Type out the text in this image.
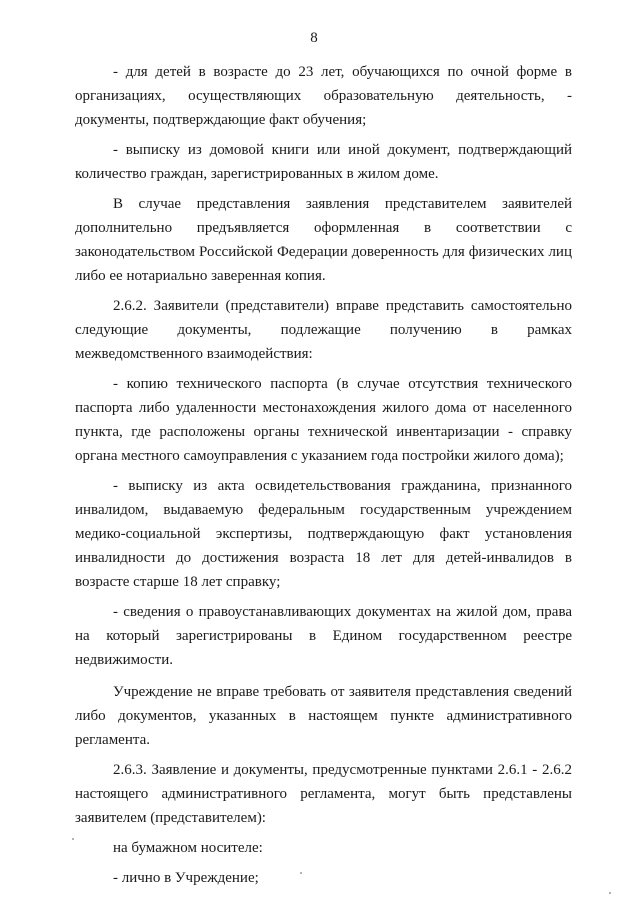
8

- для детей в возрасте до 23 лет, обучающихся по очной форме в организациях, осуществляющих образовательную деятельность, - документы, подтверждающие факт обучения;

- выписку из домовой книги или иной документ, подтверждающий количество граждан, зарегистрированных в жилом доме.

В случае представления заявления представителем заявителей дополнительно предъявляется оформленная в соответствии с законодательством Российской Федерации доверенность для физических лиц либо ее нотариально заверенная копия.

2.6.2. Заявители (представители) вправе представить самостоятельно следующие документы, подлежащие получению в рамках межведомственного взаимодействия:

- копию технического паспорта (в случае отсутствия технического паспорта либо удаленности местонахождения жилого дома от населенного пункта, где расположены органы технической инвентаризации - справку органа местного самоуправления с указанием года постройки жилого дома);

- выписку из акта освидетельствования гражданина, признанного инвалидом, выдаваемую федеральным государственным учреждением медико-социальной экспертизы, подтверждающую факт установления инвалидности до достижения возраста 18 лет для детей-инвалидов в возрасте старше 18 лет справку;

- сведения о правоустанавливающих документах на жилой дом, права на который зарегистрированы в Едином государственном реестре недвижимости.

Учреждение не вправе требовать от заявителя представления сведений либо документов, указанных в настоящем пункте административного регламента.

2.6.3. Заявление и документы, предусмотренные пунктами 2.6.1 - 2.6.2 настоящего административного регламента, могут быть представлены заявителем (представителем):

на бумажном носителе:

- лично в Учреждение;
